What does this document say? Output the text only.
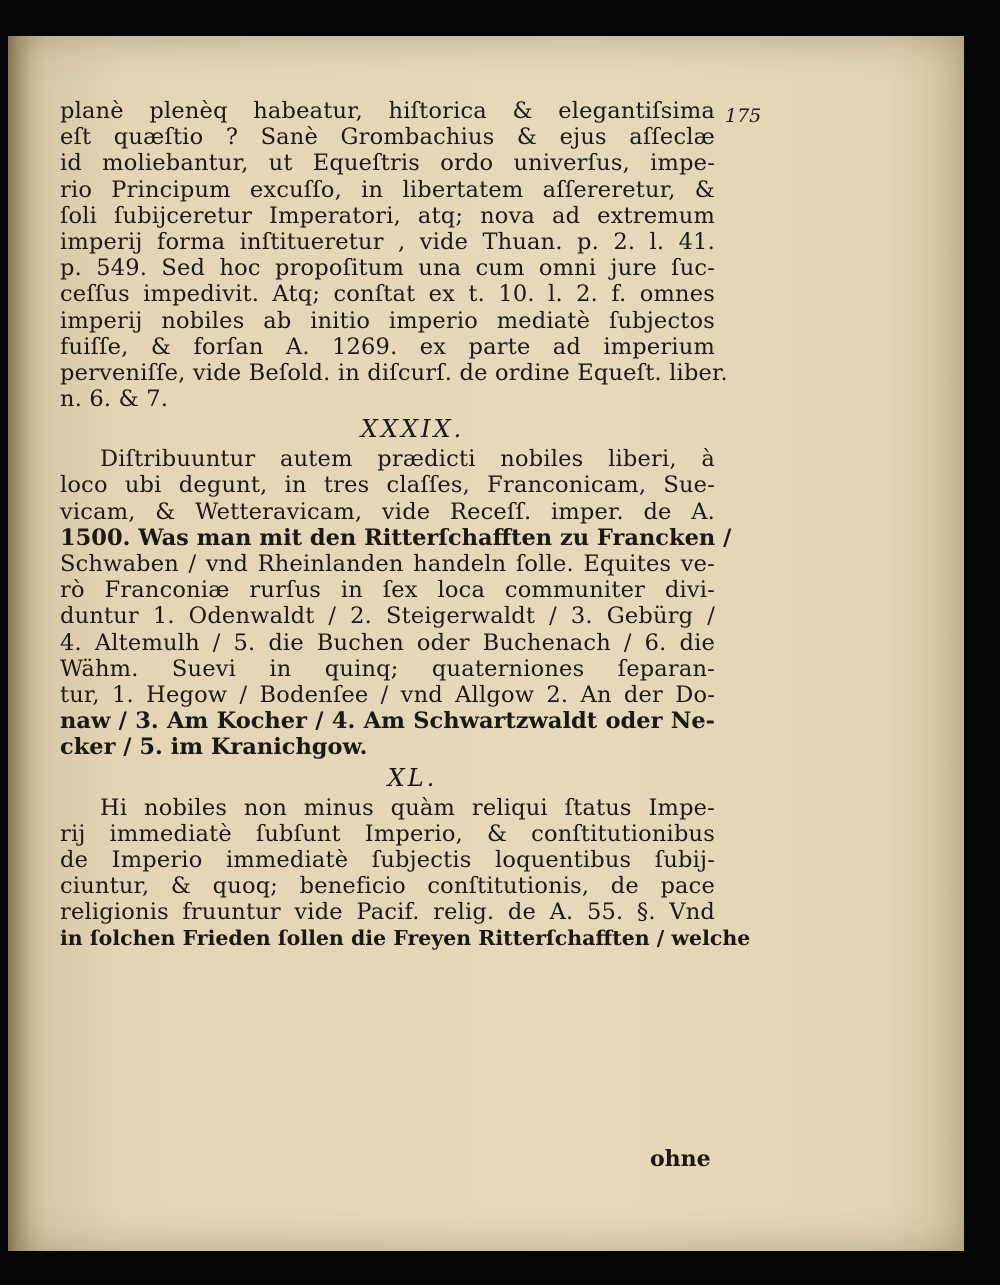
175
planè plenèq habeatur, hiſtorica & elegantiſsima
eſt quæſtio ? Sanè Grombachius & ejus aſſeclæ
id moliebantur, ut Equeſtris ordo univerſus, impe-
rio Principum excuſſo, in libertatem aſſereretur, &
ſoli ſubijceretur Imperatori, atq; nova ad extremum
imperij forma inſtitueretur , vide Thuan. p. 2. l. 41.
p. 549. Sed hoc propoſitum una cum omni jure ſuc-
ceſſus impedivit. Atq; conſtat ex t. 10. l. 2. f. omnes
imperij nobiles ab initio imperio mediatè ſubjectos
fuiſſe, & forſan A. 1269. ex parte ad imperium
perveniſſe, vide Beſold. in diſcurſ. de ordine Equeſt. liber.
n. 6. & 7.
XXXIX.
Diſtribuuntur autem prædicti nobiles liberi, à
loco ubi degunt, in tres claſſes, Franconicam, Sue-
vicam, & Wetteravicam, vide Receſſ. imper. de A.
1500. Was man mit den Ritterſchafften zu Francken /
Schwaben / vnd Rheinlanden handeln ſolle. Equites ve-
rò Franconiæ rurſus in ſex loca communiter divi-
duntur 1. Odenwaldt / 2. Steigerwaldt / 3. Gebürg /
4. Altemulh / 5. die Buchen oder Buchenach / 6. die
Wähm. Suevi in quinq; quaterniones ſeparan-
tur, 1. Hegow / Bodenſee / vnd Allgow 2. An der Do-
naw / 3. Am Kocher / 4. Am Schwartzwaldt oder Ne-
cker / 5. im Kranichgow.
XL.
Hi nobiles non minus quàm reliqui ſtatus Impe-
rij immediatè ſubſunt Imperio, & conſtitutionibus
de Imperio immediatè ſubjectis loquentibus ſubij-
ciuntur, & quoq; beneficio conſtitutionis, de pace
religionis fruuntur vide Pacif. relig. de A. 55. §. Vnd
in ſolchen Frieden ſollen die Freyen Ritterſchafften / welche
ohne
